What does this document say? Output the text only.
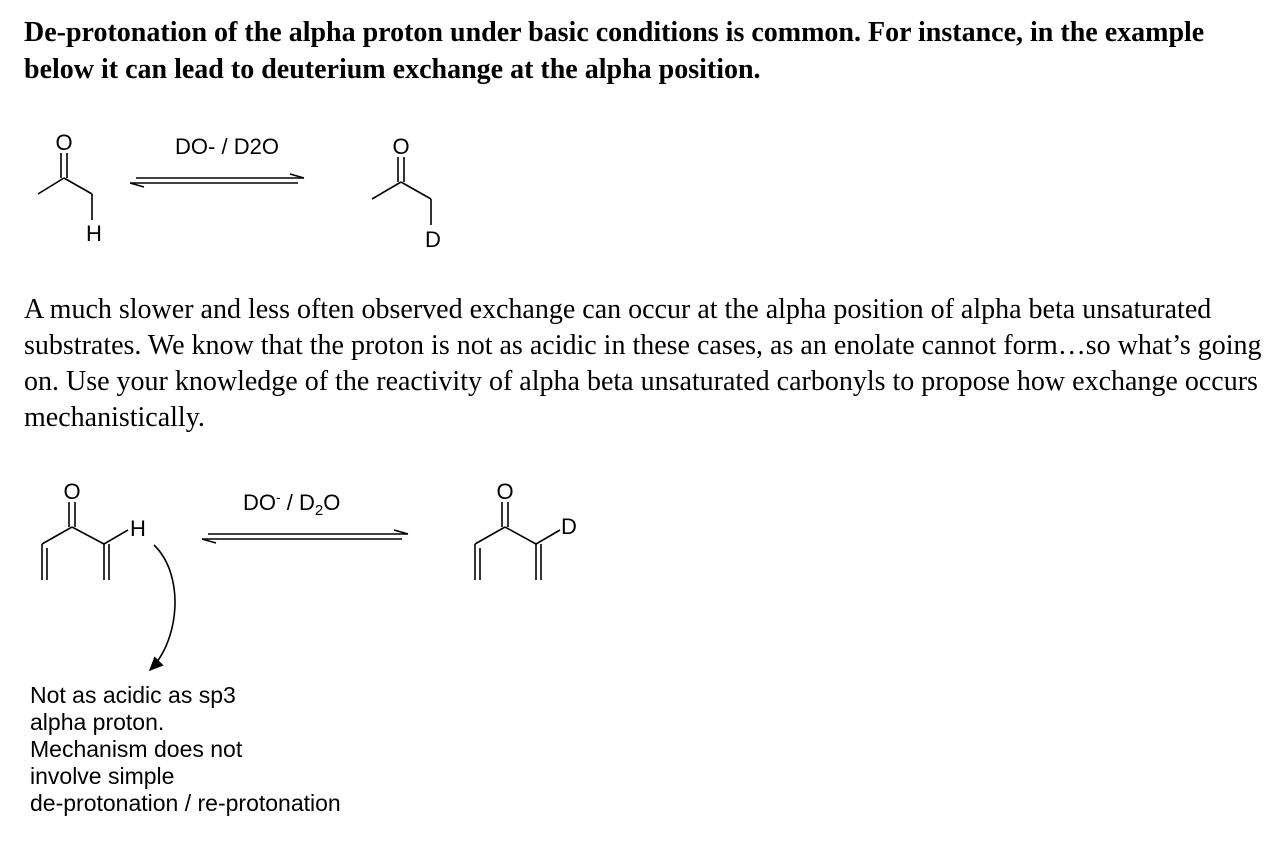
De-protonation of the alpha proton under basic conditions is common. For instance, in the example below it can lead to deuterium exchange at the alpha position.

O
H
DO- / D2O	O
D
O
H
$DO^- / D_2O$	O
D

A much slower and less often observed exchange can occur at the alpha position of alpha beta unsaturated substrates. We know that the proton is not as acidic in these cases, as an enolate cannot form…so what’s going on. Use your knowledge of the reactivity of alpha beta unsaturated carbonyls to propose how exchange occurs mechanistically.

Not as acidic as sp3
alpha proton.
Mechanism does not
involve simple
de-protonation / re-protonation
